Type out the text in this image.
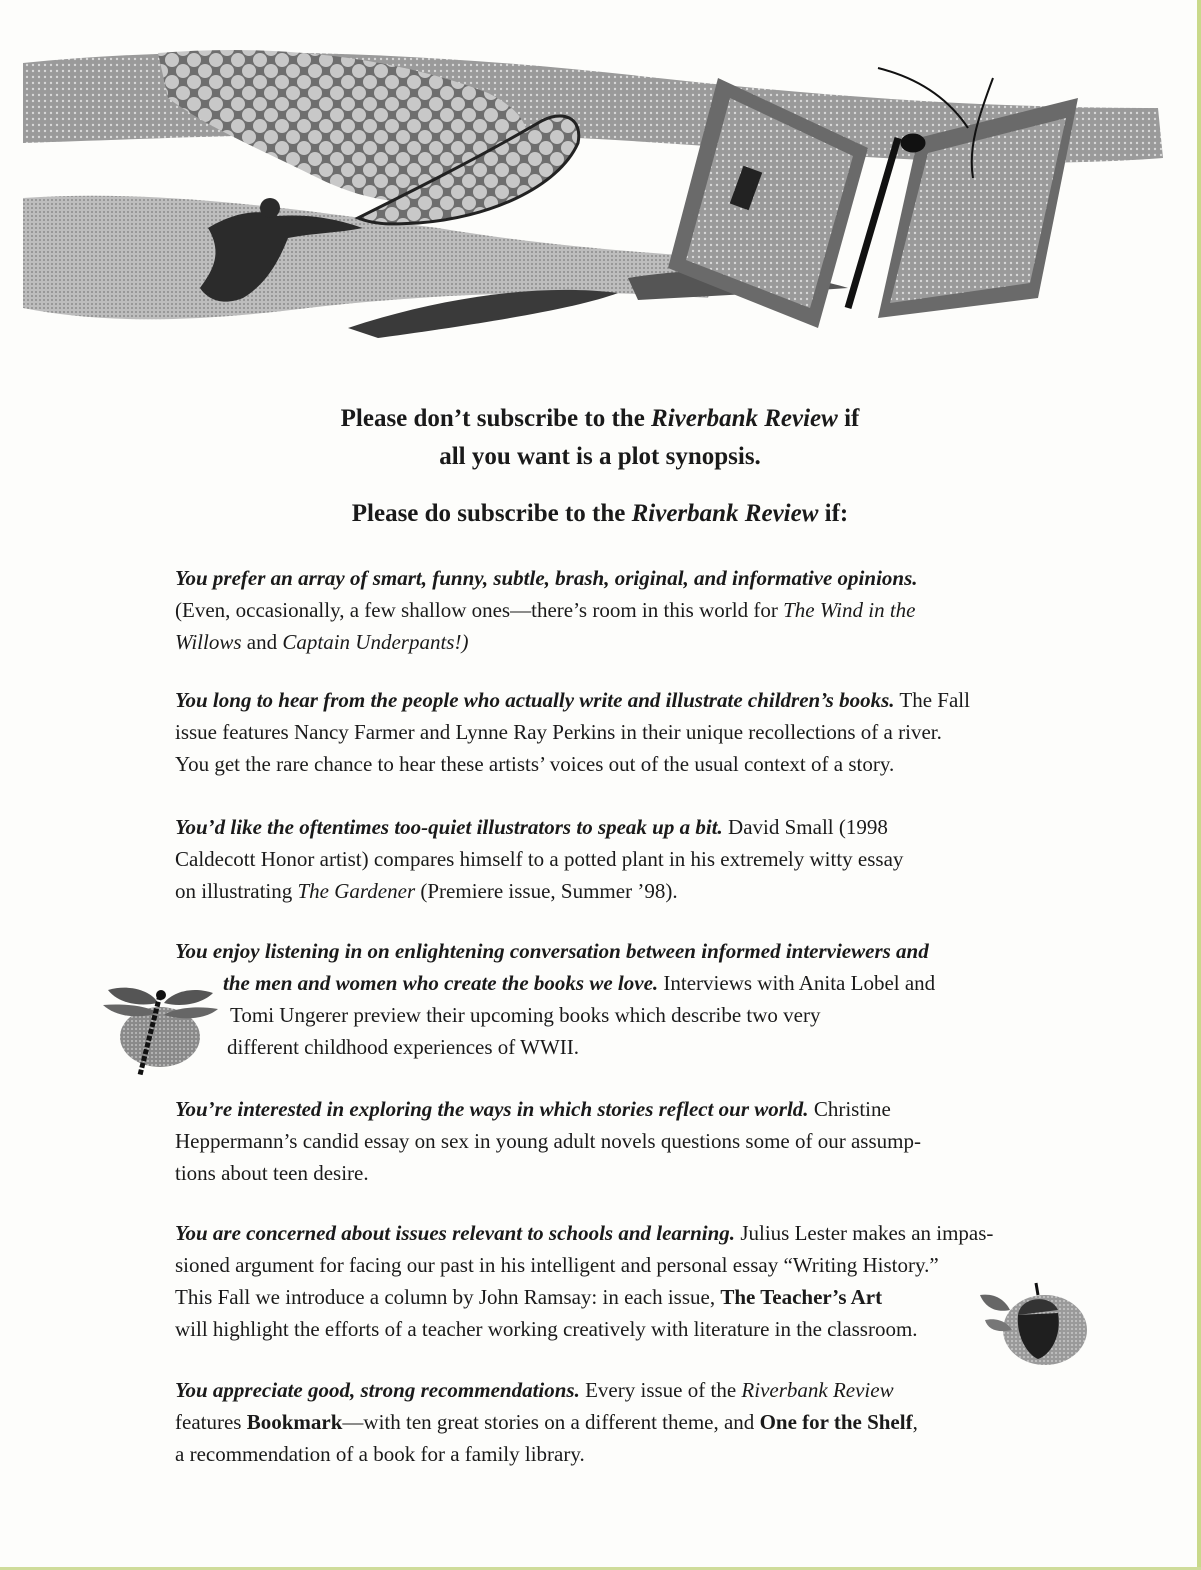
Please don’t subscribe to the Riverbank Review if
all you want is a plot synopsis.
Please do subscribe to the Riverbank Review if:
You prefer an array of smart, funny, subtle, brash, original, and informative opinions.
(Even, occasionally, a few shallow ones—there’s room in this world for The Wind in the
Willows and Captain Underpants!)
You long to hear from the people who actually write and illustrate children’s books. The Fall
issue features Nancy Farmer and Lynne Ray Perkins in their unique recollections of a river.
You get the rare chance to hear these artists’ voices out of the usual context of a story.
You’d like the oftentimes too-quiet illustrators to speak up a bit. David Small (1998
Caldecott Honor artist) compares himself to a potted plant in his extremely witty essay
on illustrating The Gardener (Premiere issue, Summer ’98).
You enjoy listening in on enlightening conversation between informed interviewers and
the men and women who create the books we love. Interviews with Anita Lobel and
Tomi Ungerer preview their upcoming books which describe two very
different childhood experiences of WWII.
You’re interested in exploring the ways in which stories reflect our world. Christine
Heppermann’s candid essay on sex in young adult novels questions some of our assump-
tions about teen desire.
You are concerned about issues relevant to schools and learning. Julius Lester makes an impas-
sioned argument for facing our past in his intelligent and personal essay “Writing History.”
This Fall we introduce a column by John Ramsay: in each issue, The Teacher’s Art
will highlight the efforts of a teacher working creatively with literature in the classroom.
You appreciate good, strong recommendations. Every issue of the Riverbank Review
features Bookmark—with ten great stories on a different theme, and One for the Shelf,
a recommendation of a book for a family library.
